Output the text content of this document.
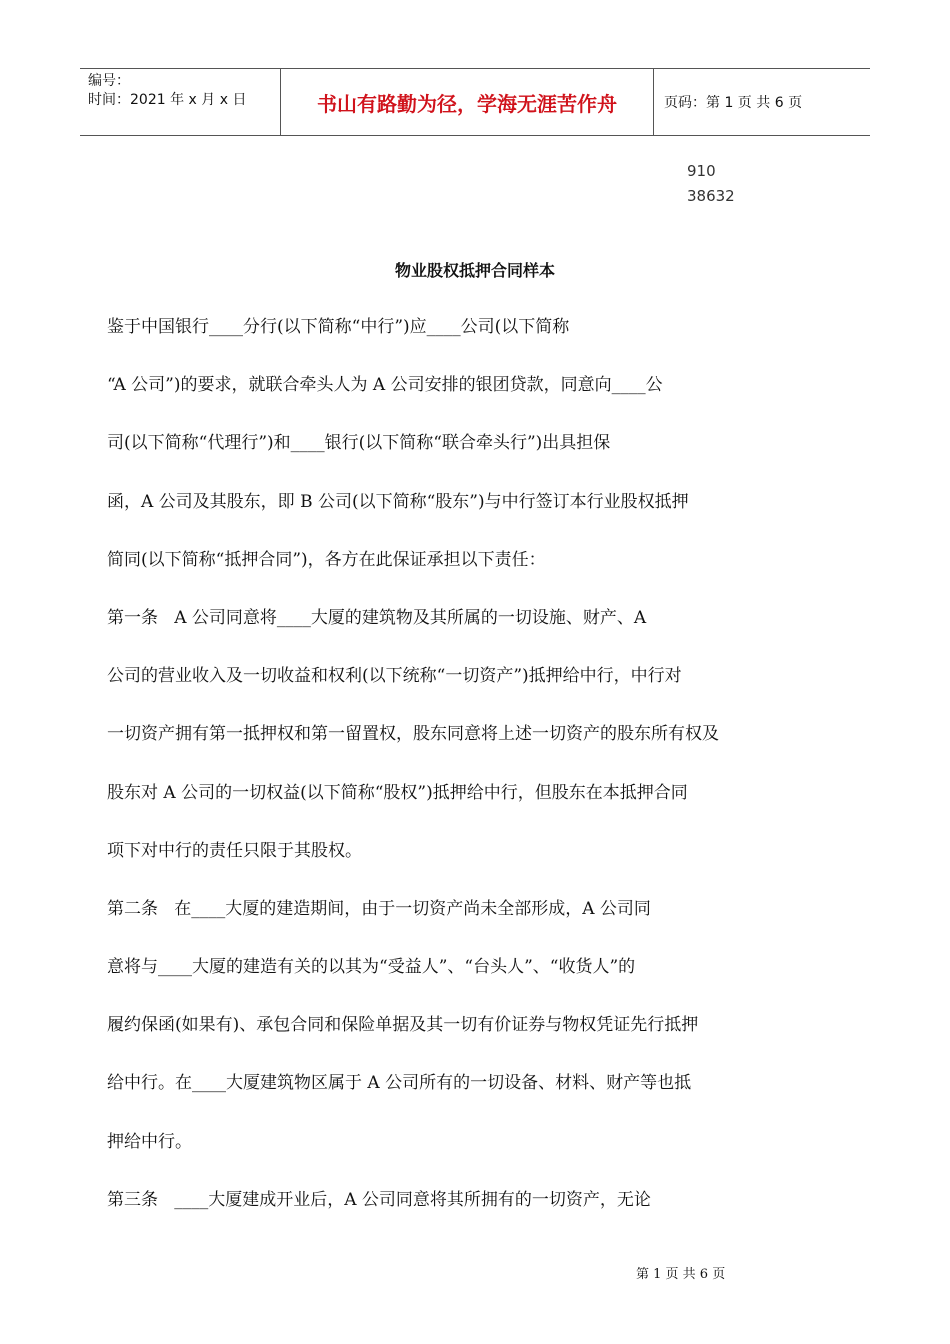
编号：
时间：2021 年 x 月 x 日	书山有路勤为径，学海无涯苦作舟	页码：第 1 页 共 6 页
910
38632
物业股权抵押合同样本
鉴于中国银行____分行(以下简称“中行”)应____公司(以下简称
“A 公司”)的要求，就联合牵头人为 A 公司安排的银团贷款，同意向____公
司(以下简称“代理行”)和____银行(以下简称“联合牵头行”)出具担保
函，A 公司及其股东，即 B 公司(以下简称“股东”)与中行签订本行业股权抵押
简同(以下简称“抵押合同”)，各方在此保证承担以下责任：
第一条   A 公司同意将____大厦的建筑物及其所属的一切设施、财产、A
公司的营业收入及一切收益和权利(以下统称“一切资产”)抵押给中行，中行对
一切资产拥有第一抵押权和第一留置权，股东同意将上述一切资产的股东所有权及
股东对 A 公司的一切权益(以下简称“股权”)抵押给中行，但股东在本抵押合同
项下对中行的责任只限于其股权。
第二条   在____大厦的建造期间，由于一切资产尚未全部形成，A 公司同
意将与____大厦的建造有关的以其为“受益人”、“台头人”、“收货人”的
履约保函(如果有)、承包合同和保险单据及其一切有价证券与物权凭证先行抵押
给中行。在____大厦建筑物区属于 A 公司所有的一切设备、材料、财产等也抵
押给中行。
第三条   ____大厦建成开业后，A 公司同意将其所拥有的一切资产，无论
第 1 页 共 6 页
